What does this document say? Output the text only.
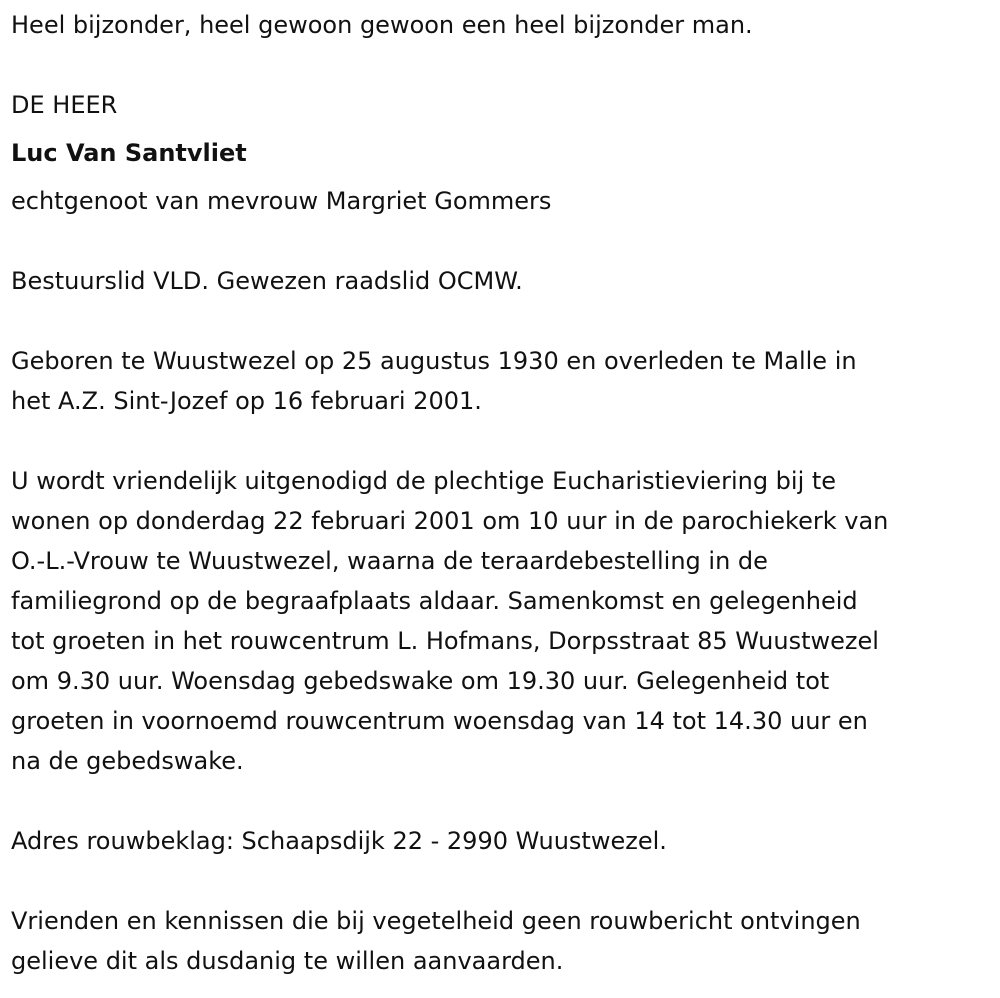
Heel bijzonder, heel gewoon gewoon een heel bijzonder man.
DE HEER
Luc Van Santvliet
echtgenoot van mevrouw Margriet Gommers
Bestuurslid VLD. Gewezen raadslid OCMW.
Geboren te Wuustwezel op 25 augustus 1930 en overleden te Malle in
het A.Z. Sint-Jozef op 16 februari 2001.
U wordt vriendelijk uitgenodigd de plechtige Eucharistieviering bij te
wonen op donderdag 22 februari 2001 om 10 uur in de parochiekerk van
O.-L.-Vrouw te Wuustwezel, waarna de teraardebestelling in de
familiegrond op de begraafplaats aldaar. Samenkomst en gelegenheid
tot groeten in het rouwcentrum L. Hofmans, Dorpsstraat 85 Wuustwezel
om 9.30 uur. Woensdag gebedswake om 19.30 uur. Gelegenheid tot
groeten in voornoemd rouwcentrum woensdag van 14 tot 14.30 uur en
na de gebedswake.
Adres rouwbeklag: Schaapsdijk 22 - 2990 Wuustwezel.
Vrienden en kennissen die bij vegetelheid geen rouwbericht ontvingen
gelieve dit als dusdanig te willen aanvaarden.
